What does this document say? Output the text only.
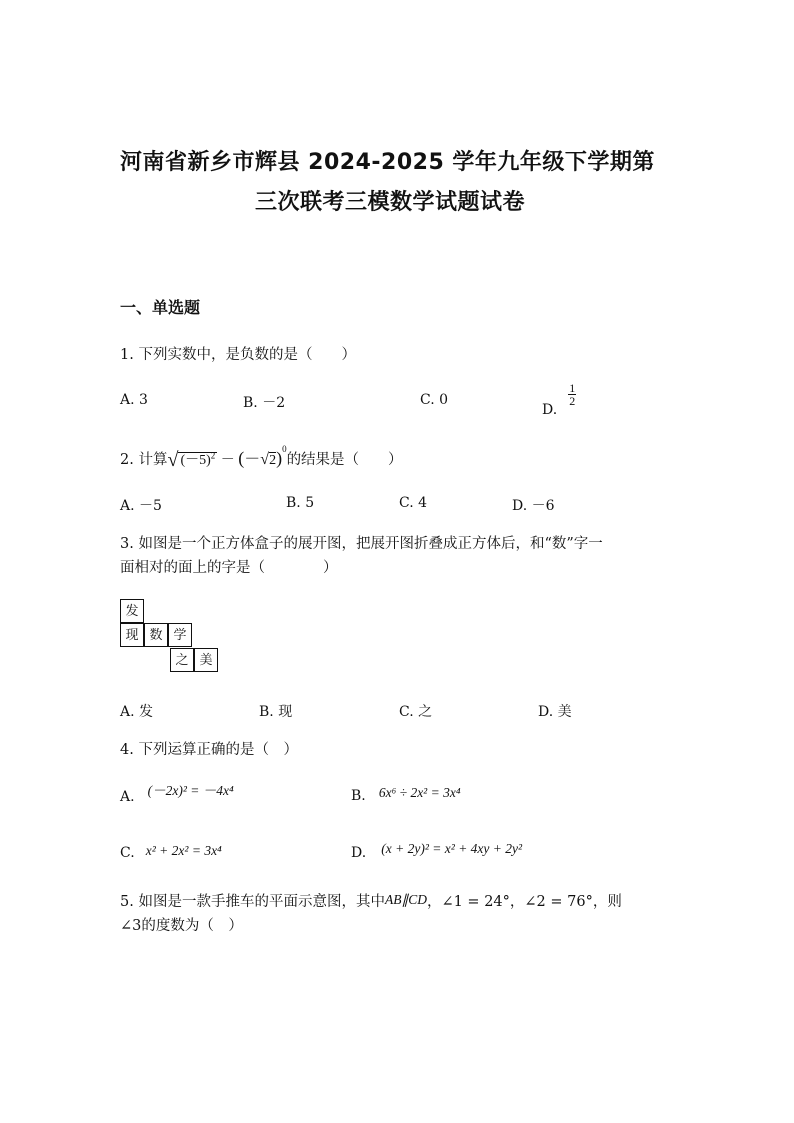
河南省新乡市辉县 2024-2025 学年九年级下学期第
三次联考三模数学试题试卷
一、单选题
1. 下列实数中，是负数的是（　　）
A. 3	B. －2	C. 0
D.
$\frac{1}{2}$
2. 计算√ $(-5)^2 - (-√2)^0$的结果是（　　）
A. －5	B. 5	C. 4	D. －6
3. 如图是一个正方体盒子的展开图，把展开图折叠成正方体后，和“数”字一
面相对的面上的字是（　　　　）
发
现 数 学
之 美
A. 发	B. 现	C. 之	D. 美
4. 下列运算正确的是（　）
A. $^{(-2x)^2 = -4x^4}$	B. 6x⁶ ÷ 2x² = 3x⁴
C. x² + 2x² = 3x⁴	D. $^{(x + 2y)^2 = x^2 + 4xy + 2y^2}$
5. 如图是一款手推车的平面示意图，其中AB∥CD，∠1 = 24°，∠2 = 76°，则
∠3的度数为（　）
